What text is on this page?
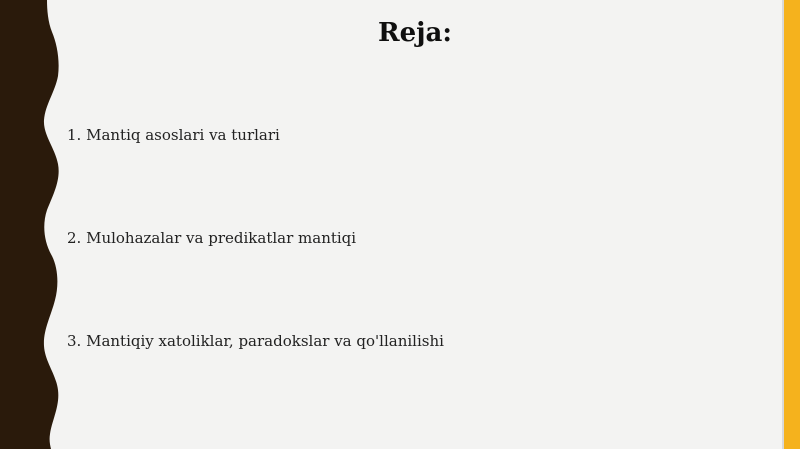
Reja:
1. Mantiq asoslari va turlari
2. Mulohazalar va predikatlar mantiqi
3. Mantiqiy xatoliklar, paradokslar va qo'llanilishi
